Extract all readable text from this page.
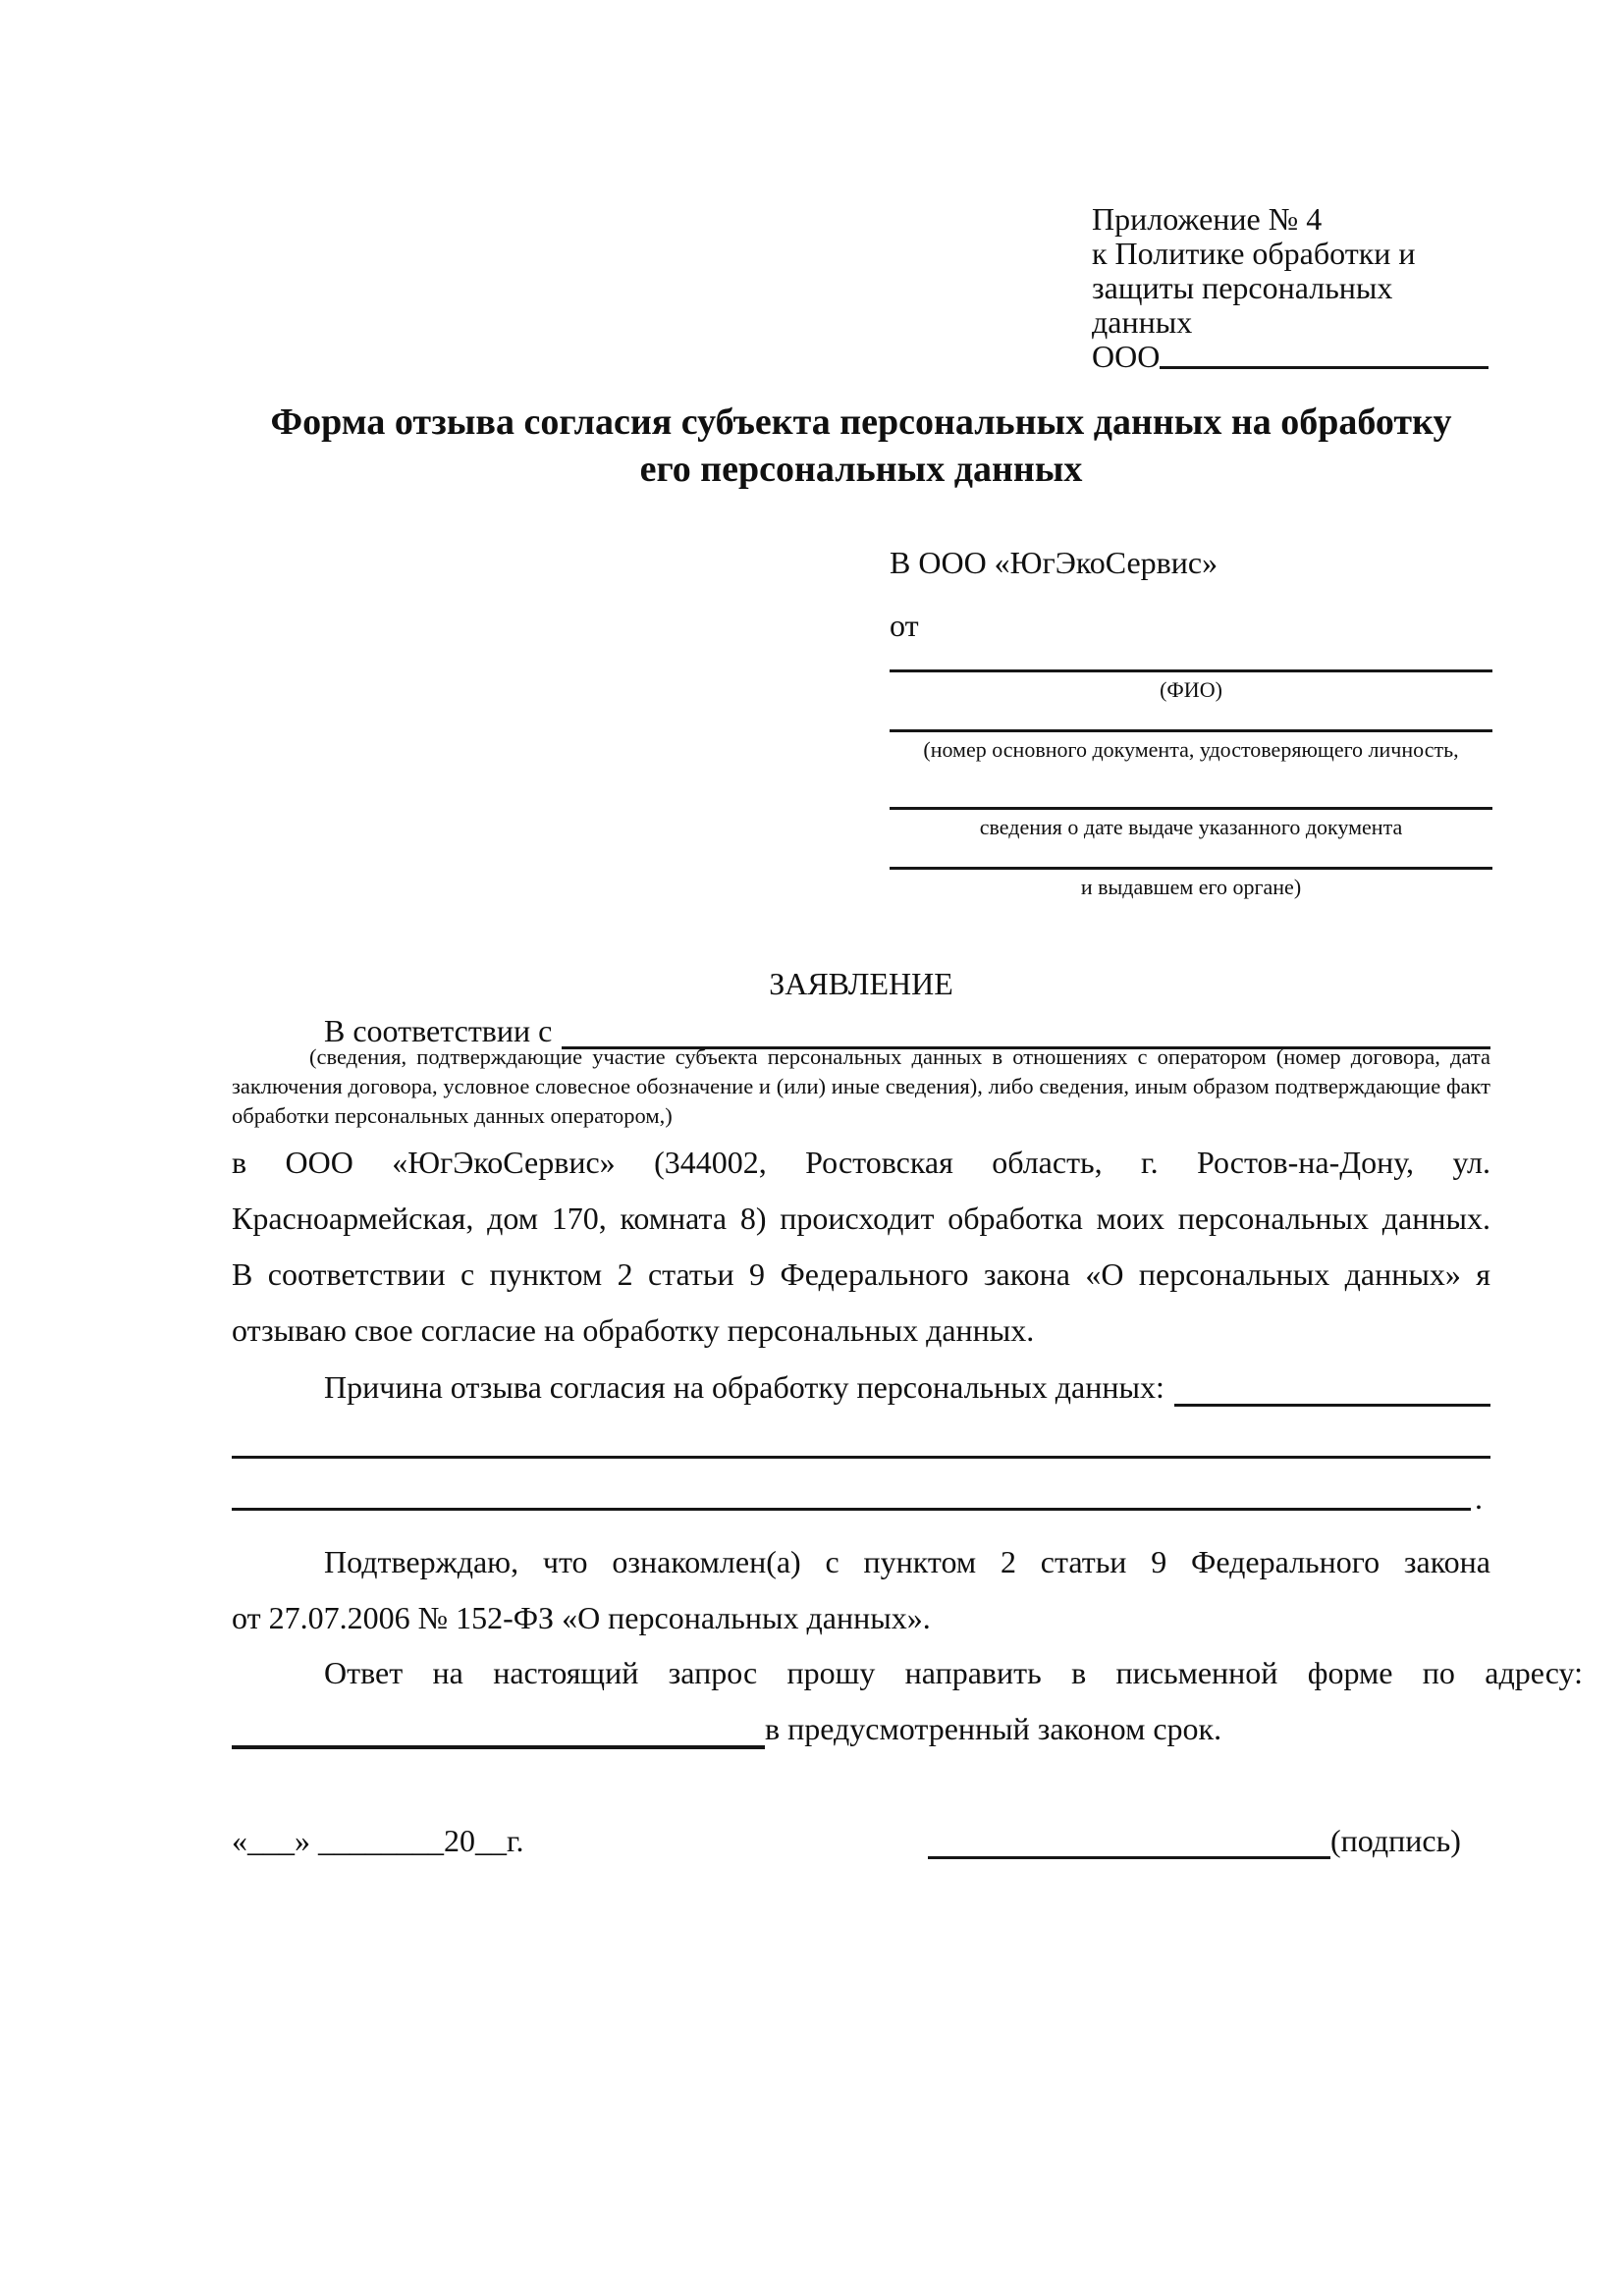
Приложение № 4
к Политике обработки и
защиты персональных данных
ООО
Форма отзыва согласия субъекта персональных данных на обработку
его персональных данных
В ООО «ЮгЭкоСервис»
от
(ФИО)
(номер основного документа, удостоверяющего личность,
сведения о дате выдаче указанного документа
и выдавшем его органе)
ЗАЯВЛЕНИЕ
В соответствии с
(сведения, подтверждающие участие субъекта персональных данных в отношениях с оператором (номер договора, дата
заключения договора, условное словесное обозначение и (или) иные сведения), либо сведения, иным образом подтверждающие факт
обработки персональных данных оператором,)
в ООО «ЮгЭкоСервис» (344002, Ростовская область, г. Ростов-на-Дону, ул.
Красноармейская, дом 170, комната 8) происходит обработка моих персональных данных.
В соответствии с пунктом 2 статьи 9 Федерального закона «О персональных данных» я
отзываю свое согласие на обработку персональных данных.
Причина отзыва согласия на обработку персональных данных:
.
Подтверждаю, что ознакомлен(а) с пунктом 2 статьи 9 Федерального закона
от 27.07.2006 № 152-ФЗ «О персональных данных».
Ответ на настоящий запрос прошу направить в письменной форме по адресу:
в предусмотренный законом срок.
«___» ________20__г.	(подпись)
